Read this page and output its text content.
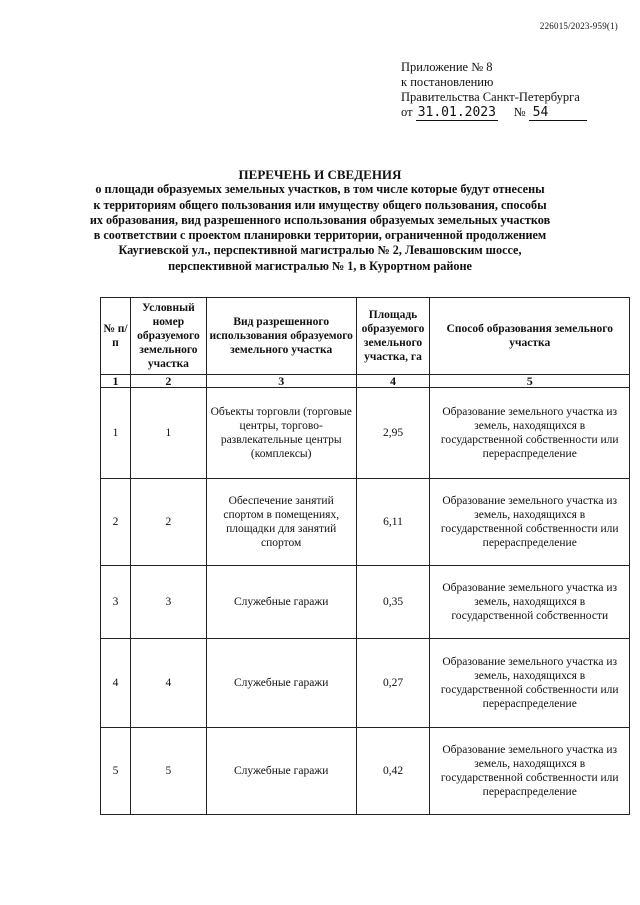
226015/2023-959(1)
Приложение № 8
к постановлению
Правительства Санкт-Петербурга
от 31.01.2023 № 54
ПЕРЕЧЕНЬ И СВЕДЕНИЯ
о площади образуемых земельных участков, в том числе которые будут отнесены
к территориям общего пользования или имуществу общего пользования, способы
их образования, вид разрешенного использования образуемых земельных участков
в соответствии с проектом планировки территории, ограниченной продолжением
Каугиевской ул., перспективной магистралью № 2, Левашовским шоссе,
перспективной магистралью № 1, в Курортном районе
№ п/п	Условный номер образуемого земельного участка	Вид разрешенного использования образуемого земельного участка	Площадь образуемого земельного участка, га	Способ образования земельного участка
1	2	3	4	5
1	1	Объекты торговли (торговые центры, торгово-развлекательные центры (комплексы)	2,95	Образование земельного участка из земель, находящихся в государственной собственности или перераспределение
2	2	Обеспечение занятий спортом в помещениях, площадки для занятий спортом	6,11	Образование земельного участка из земель, находящихся в государственной собственности или перераспределение
3	3	Служебные гаражи	0,35	Образование земельного участка из земель, находящихся в государственной собственности
4	4	Служебные гаражи	0,27	Образование земельного участка из земель, находящихся в государственной собственности или перераспределение
5	5	Служебные гаражи	0,42	Образование земельного участка из земель, находящихся в государственной собственности или перераспределение
